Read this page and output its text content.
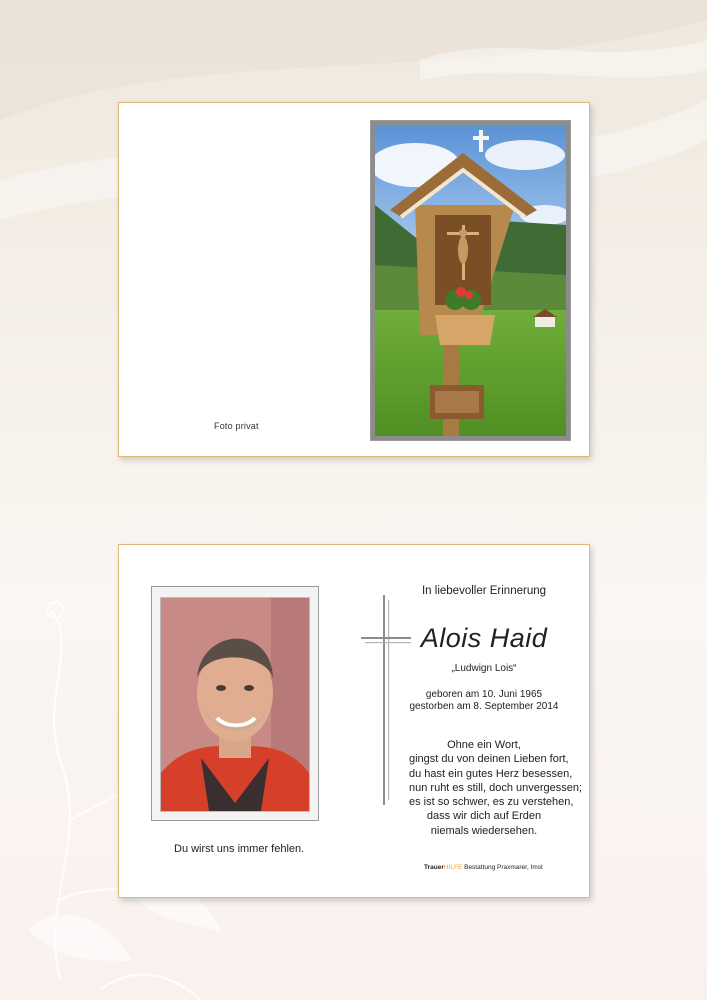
Foto privat
Du wirst uns immer fehlen.
In liebevoller Erinnerung
Alois Haid
„Ludwign Lois“
geboren am 10. Juni 1965
gestorben am 8. September 2014
Ohne ein Wort,
gingst du von deinen Lieben fort,
du hast ein gutes Herz besessen,
nun ruht es still, doch unvergessen;
es ist so schwer, es zu verstehen,
dass wir dich auf Erden
niemals wiedersehen.
TrauerHILFE Bestattung Praxmarer, Imst
